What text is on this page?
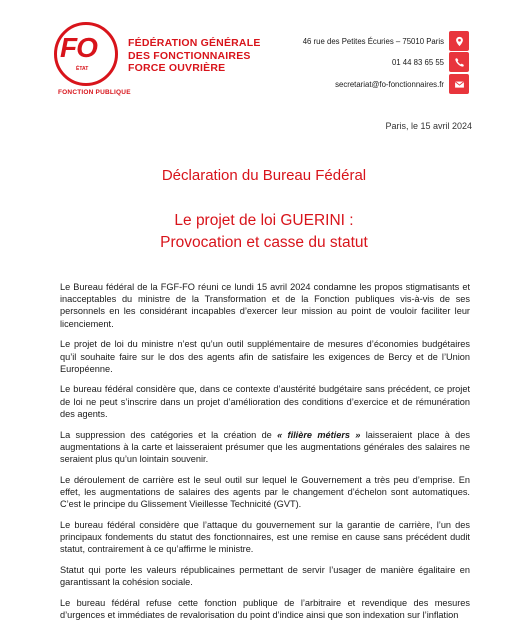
FO
ÉTAT
FONCTION PUBLIQUE
FÉDÉRATION GÉNÉRALE
DES FONCTIONNAIRES
FORCE OUVRIÈRE
46 rue des Petites Écuries – 75010 Paris
01 44 83 65 55
secretariat@fo-fonctionnaires.fr
Paris, le 15 avril 2024
Déclaration du Bureau Fédéral
Le projet de loi GUERINI :
Provocation et casse du statut

Le Bureau fédéral de la FGF-FO réuni ce lundi 15 avril 2024 condamne les propos stigmatisants et inacceptables du ministre de la Transformation et de la Fonction publiques vis-à-vis de ses personnels en les considérant incapables d’exercer leur mission au point de vouloir faciliter leur licenciement.

Le projet de loi du ministre n’est qu’un outil supplémentaire de mesures d’économies budgétaires qu’il souhaite faire sur le dos des agents afin de satisfaire les exigences de Bercy et de l’Union Européenne.

Le bureau fédéral considère que, dans ce contexte d’austérité budgétaire sans précédent, ce projet de loi ne peut s’inscrire dans un projet d’amélioration des conditions d’exercice et de rémunération des agents.

La suppression des catégories et la création de « filière métiers » laisseraient place à des augmentations à la carte et laisseraient présumer que les augmentations générales des salaires ne seraient plus qu’un lointain souvenir.

Le déroulement de carrière est le seul outil sur lequel le Gouvernement a très peu d’emprise. En effet, les augmentations de salaires des agents par le changement d’échelon sont automatiques. C’est le principe du Glissement Vieillesse Technicité (GVT).

Le bureau fédéral considère que l’attaque du gouvernement sur la garantie de carrière, l’un des principaux fondements du statut des fonctionnaires, est une remise en cause sans précédent dudit statut, contrairement à ce qu’affirme le ministre.

Statut qui porte les valeurs républicaines permettant de servir l’usager de manière égalitaire en garantissant la cohésion sociale.

Le bureau fédéral refuse cette fonction publique de l’arbitraire et revendique des mesures d’urgences et immédiates de revalorisation du point d’indice ainsi que son indexation sur l’inflation
